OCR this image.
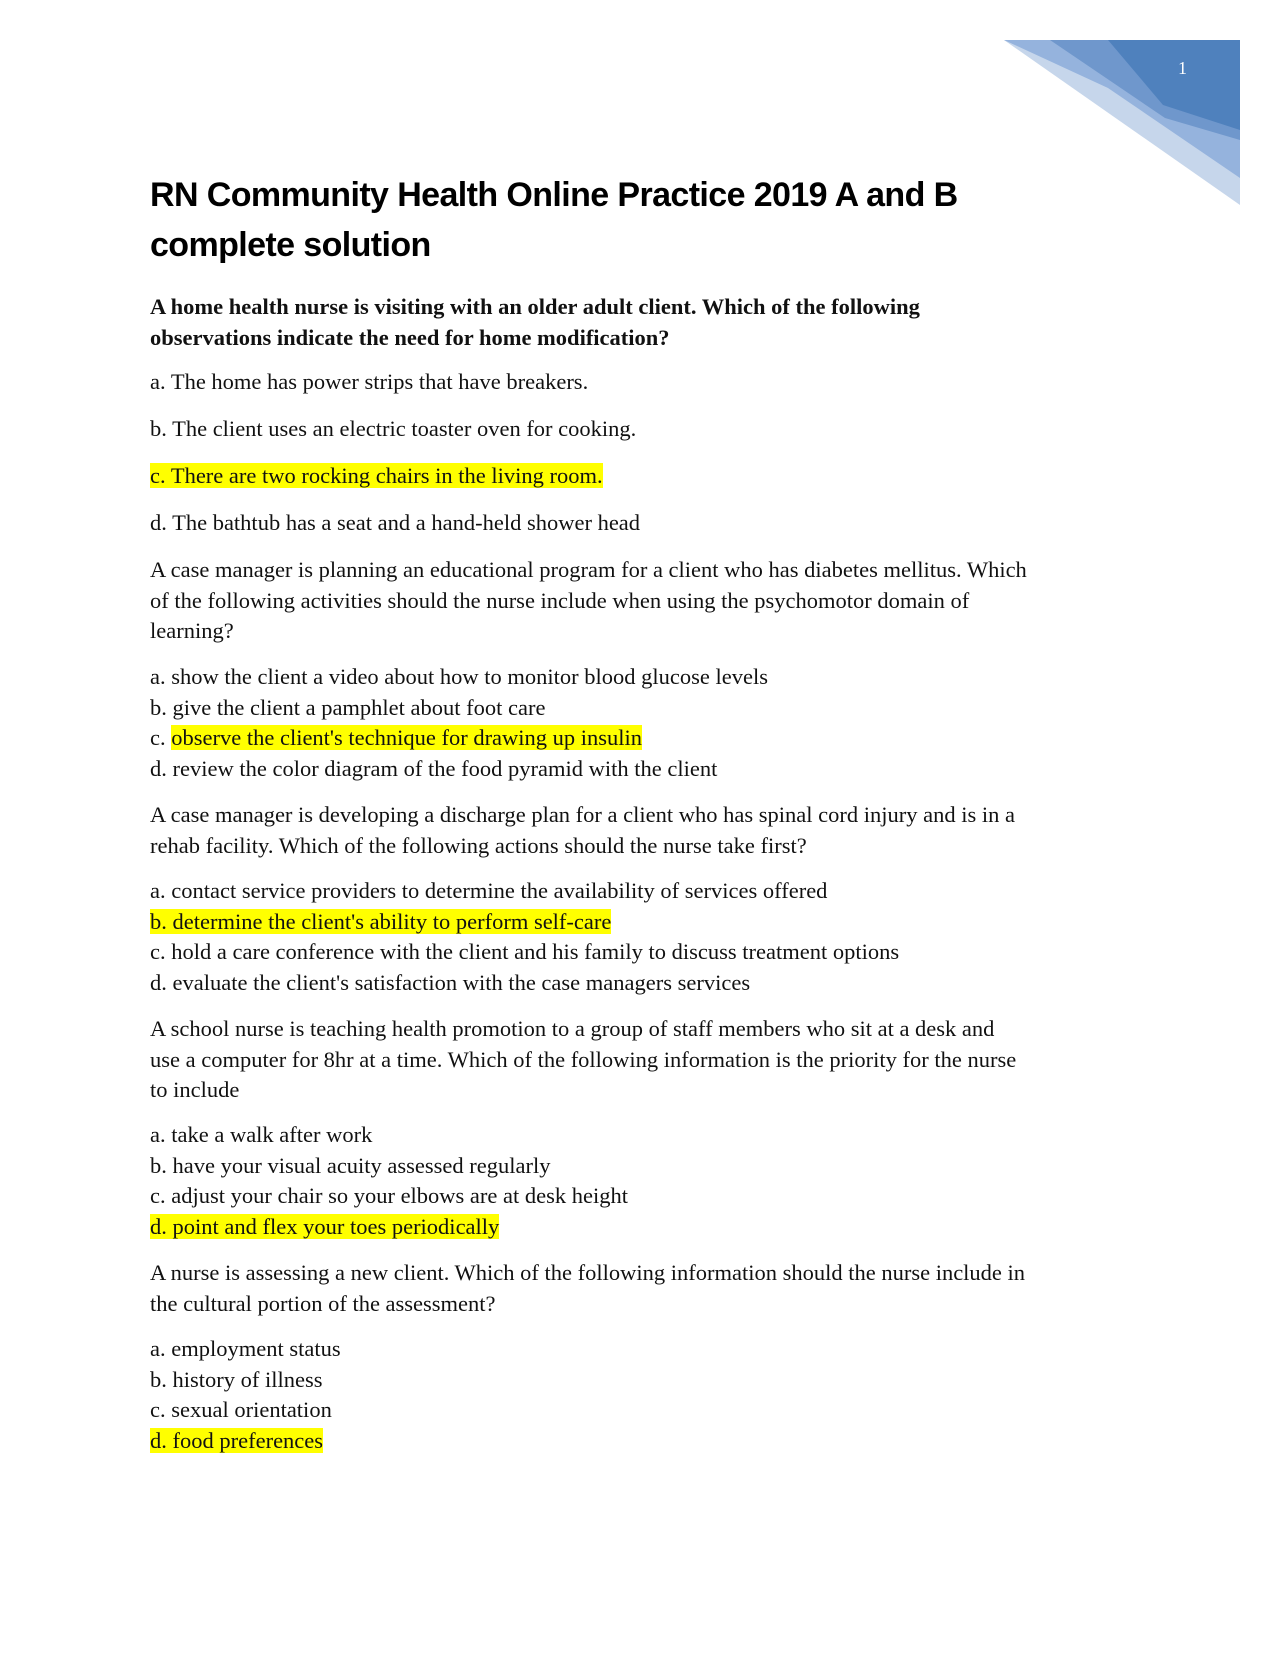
1
RN Community Health Online Practice 2019 A and B
complete solution

A home health nurse is visiting with an older adult client. Which of the following

observations indicate the need for home modification?

a. The home has power strips that have breakers.
b. The client uses an electric toaster oven for cooking.
c. There are two rocking chairs in the living room.
d. The bathtub has a seat and a hand-held shower head

A case manager is planning an educational program for a client who has diabetes mellitus. Which

of the following activities should the nurse include when using the psychomotor domain of

learning?

a. show the client a video about how to monitor blood glucose levels

b. give the client a pamphlet about foot care

c. observe the client's technique for drawing up insulin

d. review the color diagram of the food pyramid with the client

A case manager is developing a discharge plan for a client who has spinal cord injury and is in a

rehab facility. Which of the following actions should the nurse take first?

a. contact service providers to determine the availability of services offered

b. determine the client's ability to perform self-care

c. hold a care conference with the client and his family to discuss treatment options

d. evaluate the client's satisfaction with the case managers services

A school nurse is teaching health promotion to a group of staff members who sit at a desk and

use a computer for 8hr at a time. Which of the following information is the priority for the nurse

to include

a. take a walk after work

b. have your visual acuity assessed regularly

c. adjust your chair so your elbows are at desk height

d. point and flex your toes periodically

A nurse is assessing a new client. Which of the following information should the nurse include in

the cultural portion of the assessment?

a. employment status

b. history of illness

c. sexual orientation

d. food preferences
